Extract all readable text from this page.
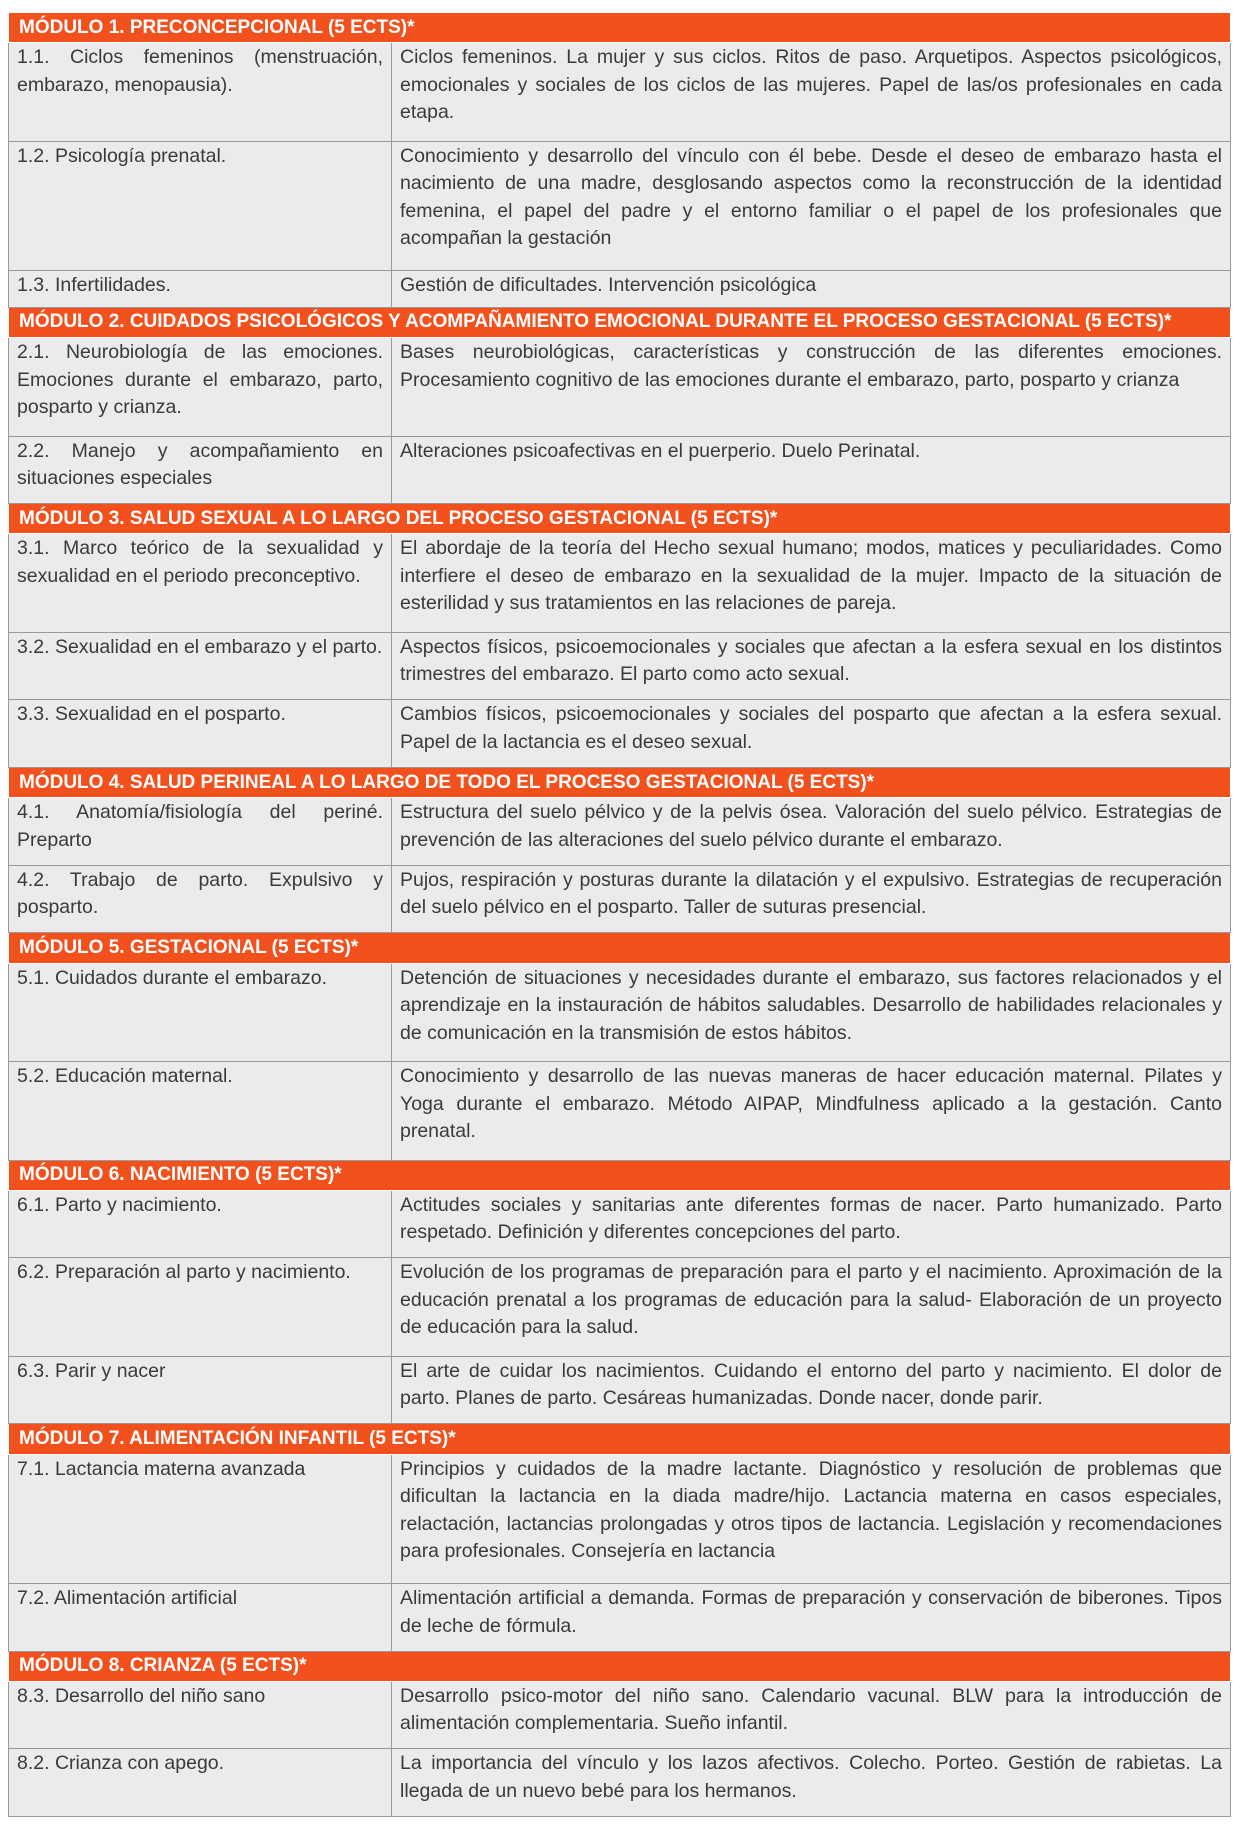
MÓDULO 1. PRECONCEPCIONAL (5 ECTS)*	
1.1. Ciclos femeninos (menstruación, embarazo, menopausia).	Ciclos femeninos. La mujer y sus ciclos. Ritos de paso. Arquetipos. Aspectos psicológicos, emocionales y sociales de los ciclos de las mujeres. Papel de las/os profesionales en cada etapa.
1.2. Psicología prenatal.	Conocimiento y desarrollo del vínculo con él bebe. Desde el deseo de embarazo hasta el nacimiento de una madre, desglosando aspectos como la reconstrucción de la identidad femenina, el papel del padre y el entorno familiar o el papel de los profesionales que acompañan la gestación
1.3. Infertilidades.	Gestión de dificultades. Intervención psicológica
MÓDULO 2. CUIDADOS PSICOLÓGICOS Y ACOMPAÑAMIENTO EMOCIONAL DURANTE EL PROCESO GESTACIONAL (5 ECTS)*	
2.1. Neurobiología de las emociones. Emociones durante el embarazo, parto, posparto y crianza.	Bases neurobiológicas, características y construcción de las diferentes emociones. Procesamiento cognitivo de las emociones durante el embarazo, parto, posparto y crianza
2.2. Manejo y acompañamiento en situaciones especiales	Alteraciones psicoafectivas en el puerperio. Duelo Perinatal.
MÓDULO 3. SALUD SEXUAL A LO LARGO DEL PROCESO GESTACIONAL (5 ECTS)*	
3.1. Marco teórico de la sexualidad y sexualidad en el periodo preconceptivo.	El abordaje de la teoría del Hecho sexual humano; modos, matices y peculiaridades. Como interfiere el deseo de embarazo en la sexualidad de la mujer. Impacto de la situación de esterilidad y sus tratamientos en las relaciones de pareja.
3.2. Sexualidad en el embarazo y el parto.	Aspectos físicos, psicoemocionales y sociales que afectan a la esfera sexual en los distintos trimestres del embarazo. El parto como acto sexual.
3.3. Sexualidad en el posparto.	Cambios físicos, psicoemocionales y sociales del posparto que afectan a la esfera sexual. Papel de la lactancia es el deseo sexual.
MÓDULO 4. SALUD PERINEAL A LO LARGO DE TODO EL PROCESO GESTACIONAL (5 ECTS)*	
4.1. Anatomía/fisiología del periné. Preparto	Estructura del suelo pélvico y de la pelvis ósea. Valoración del suelo pélvico. Estrategias de prevención de las alteraciones del suelo pélvico durante el embarazo.
4.2. Trabajo de parto. Expulsivo y posparto.	Pujos, respiración y posturas durante la dilatación y el expulsivo. Estrategias de recuperación del suelo pélvico en el posparto. Taller de suturas presencial.
MÓDULO 5. GESTACIONAL (5 ECTS)*	
5.1. Cuidados durante el embarazo.	Detención de situaciones y necesidades durante el embarazo, sus factores relacionados y el aprendizaje en la instauración de hábitos saludables. Desarrollo de habilidades relacionales y de comunicación en la transmisión de estos hábitos.
5.2. Educación maternal.	Conocimiento y desarrollo de las nuevas maneras de hacer educación maternal. Pilates y Yoga durante el embarazo. Método AIPAP, Mindfulness aplicado a la gestación. Canto prenatal.
MÓDULO 6. NACIMIENTO (5 ECTS)*	
6.1. Parto y nacimiento.	Actitudes sociales y sanitarias ante diferentes formas de nacer. Parto humanizado. Parto respetado. Definición y diferentes concepciones del parto.
6.2. Preparación al parto y nacimiento.	Evolución de los programas de preparación para el parto y el nacimiento. Aproximación de la educación prenatal a los programas de educación para la salud- Elaboración de un proyecto de educación para la salud.
6.3. Parir y nacer	El arte de cuidar los nacimientos. Cuidando el entorno del parto y nacimiento. El dolor de parto. Planes de parto. Cesáreas humanizadas. Donde nacer, donde parir.
MÓDULO 7. ALIMENTACIÓN INFANTIL (5 ECTS)*	
7.1. Lactancia materna avanzada	Principios y cuidados de la madre lactante. Diagnóstico y resolución de problemas que dificultan la lactancia en la diada madre/hijo. Lactancia materna en casos especiales, relactación, lactancias prolongadas y otros tipos de lactancia. Legislación y recomendaciones para profesionales. Consejería en lactancia
7.2. Alimentación artificial	Alimentación artificial a demanda. Formas de preparación y conservación de biberones. Tipos de leche de fórmula.
MÓDULO 8. CRIANZA (5 ECTS)*	
8.3. Desarrollo del niño sano	Desarrollo psico-motor del niño sano. Calendario vacunal. BLW para la introducción de alimentación complementaria. Sueño infantil.
8.2. Crianza con apego.	La importancia del vínculo y los lazos afectivos. Colecho. Porteo. Gestión de rabietas. La llegada de un nuevo bebé para los hermanos.
